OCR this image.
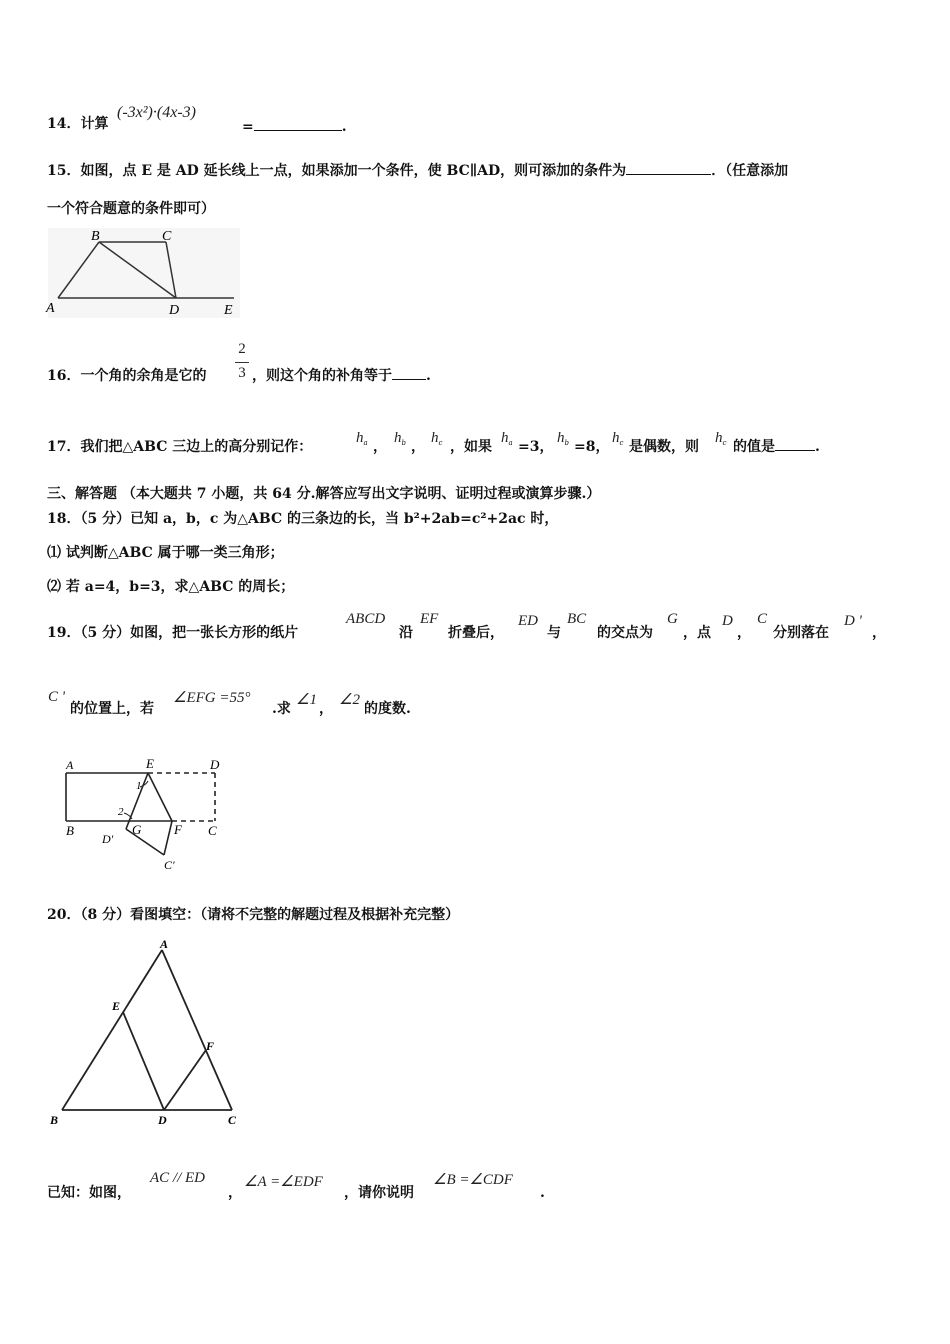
14．计算
(-3x²)·(4x-3)
=	.
15．如图，点 E 是 AD 延长线上一点，如果添加一个条件，使 BC∥AD，则可添加的条件为	．（任意添加
一个符合题意的条件即可）
B	C
A	D	E
16．一个角的余角是它的
2
3 ，则这个角的补角等于 .
17．我们把△ABC 三边上的高分别记作：
$h_a$ ，
$h_b$ ，
$h_c$ ，如果
$h_a =3$，
$h_b =8$，
$h_c$ 是偶数，则
$h_c$ 的值是	.
三、解答题 （本大题共 7 小题，共 64 分.解答应写出文字说明、证明过程或演算步骤.）
18．（5 分）已知 a，b，c 为△ABC 的三条边的长，当 b²+2ab=c²+2ac 时，
⑴ 试判断△ABC 属于哪一类三角形；
⑵ 若 a=4，b=3，求△ABC 的周长；
19．（5 分）如图，把一张长方形的纸片
ABCD
沿
EF
折叠后，
ED
与
BC
的交点为
G
，点
D
，
C
分别落在
D '
，
C '
的位置上，若
∠EFG =55°
.求
∠1
，
∠2
的度数.
A	E	D
B	G	F C
D'
C'
1
2
20．（8 分）看图填空：（请将不完整的解题过程及根据补充完整）
A
E
F
B	D	C
已知：如图，
AC // ED
，
∠A =∠EDF
，请你说明
∠B =∠CDF
.
